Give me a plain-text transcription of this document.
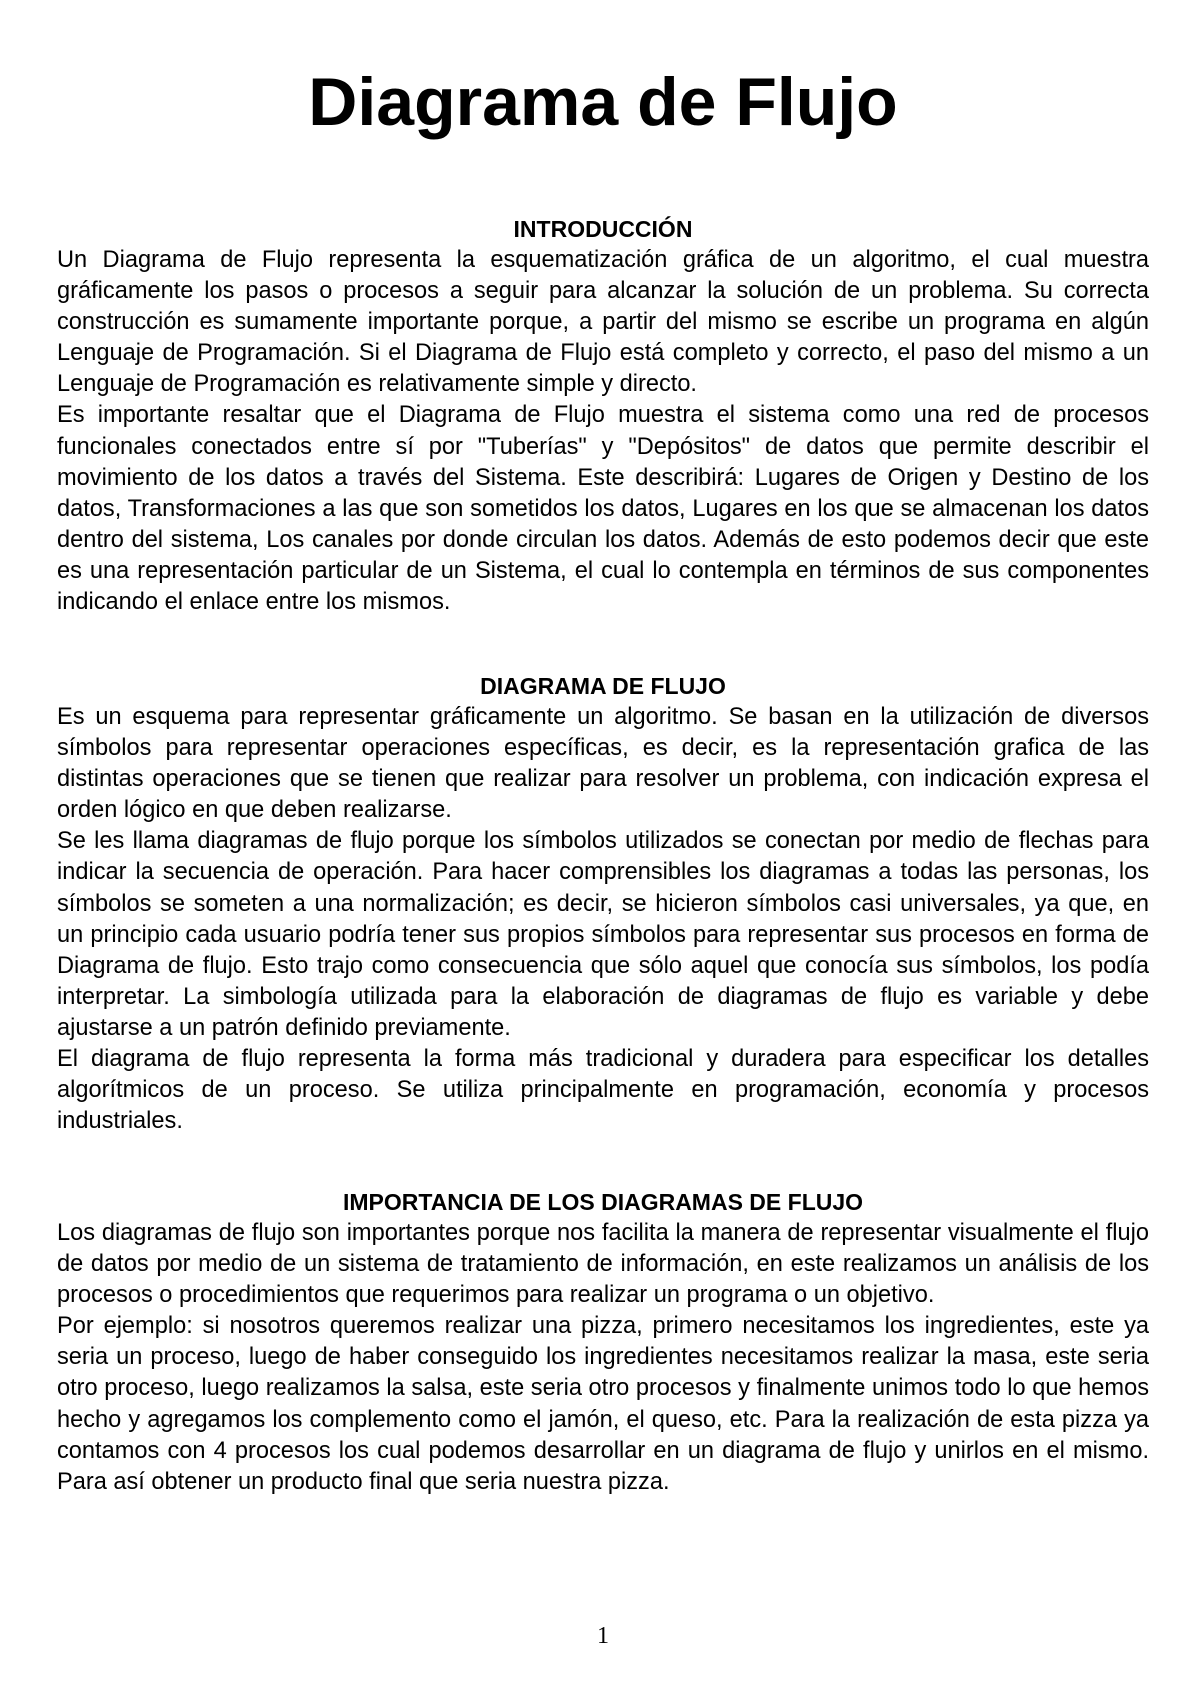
Diagrama de Flujo
INTRODUCCIÓN

Un Diagrama de Flujo representa la esquematización gráfica de un algoritmo, el cual muestra gráficamente los pasos o procesos a seguir para alcanzar la solución de un problema. Su correcta construcción es sumamente importante porque, a partir del mismo se escribe un programa en algún Lenguaje de Programación. Si el Diagrama de Flujo está completo y correcto, el paso del mismo a un Lenguaje de Programación es relativamente simple y directo.

Es importante resaltar que el Diagrama de Flujo muestra el sistema como una red de procesos funcionales conectados entre sí por "Tuberías" y "Depósitos" de datos que permite describir el movimiento de los datos a través del Sistema. Este describirá: Lugares de Origen y Destino de los datos, Transformaciones a las que son sometidos los datos, Lugares en los que se almacenan los datos dentro del sistema, Los canales por donde circulan los datos. Además de esto podemos decir que este es una representación particular de un Sistema, el cual lo contempla en términos de sus componentes indicando el enlace entre los mismos.

DIAGRAMA DE FLUJO

Es un esquema para representar gráficamente un algoritmo. Se basan en la utilización de diversos símbolos para representar operaciones específicas, es decir, es la representación grafica de las distintas operaciones que se tienen que realizar para resolver un problema, con indicación expresa el orden lógico en que deben realizarse.

Se les llama diagramas de flujo porque los símbolos utilizados se conectan por medio de flechas para indicar la secuencia de operación. Para hacer comprensibles los diagramas a todas las personas, los símbolos se someten a una normalización; es decir, se hicieron símbolos casi universales, ya que, en un principio cada usuario podría tener sus propios símbolos para representar sus procesos en forma de Diagrama de flujo. Esto trajo como consecuencia que sólo aquel que conocía sus símbolos, los podía interpretar. La simbología utilizada para la elaboración de diagramas de flujo es variable y debe ajustarse a un patrón definido previamente.

El diagrama de flujo representa la forma más tradicional y duradera para especificar los detalles algorítmicos de un proceso. Se utiliza principalmente en programación, economía y procesos industriales.

IMPORTANCIA DE LOS DIAGRAMAS DE FLUJO

Los diagramas de flujo son importantes porque nos facilita la manera de representar visualmente el flujo de datos por medio de un sistema de tratamiento de información, en este realizamos un análisis de los procesos o procedimientos que requerimos para realizar un programa o un objetivo.

Por ejemplo: si nosotros queremos realizar una pizza, primero necesitamos los ingredientes, este ya seria un proceso, luego de haber conseguido los ingredientes necesitamos realizar la masa, este seria otro proceso, luego realizamos la salsa, este seria otro procesos y finalmente unimos todo lo que hemos hecho y agregamos los complemento como el jamón, el queso, etc. Para la realización de esta pizza ya contamos con 4 procesos los cual podemos desarrollar en un diagrama de flujo y unirlos en el mismo. Para así obtener un producto final que seria nuestra pizza.

1
